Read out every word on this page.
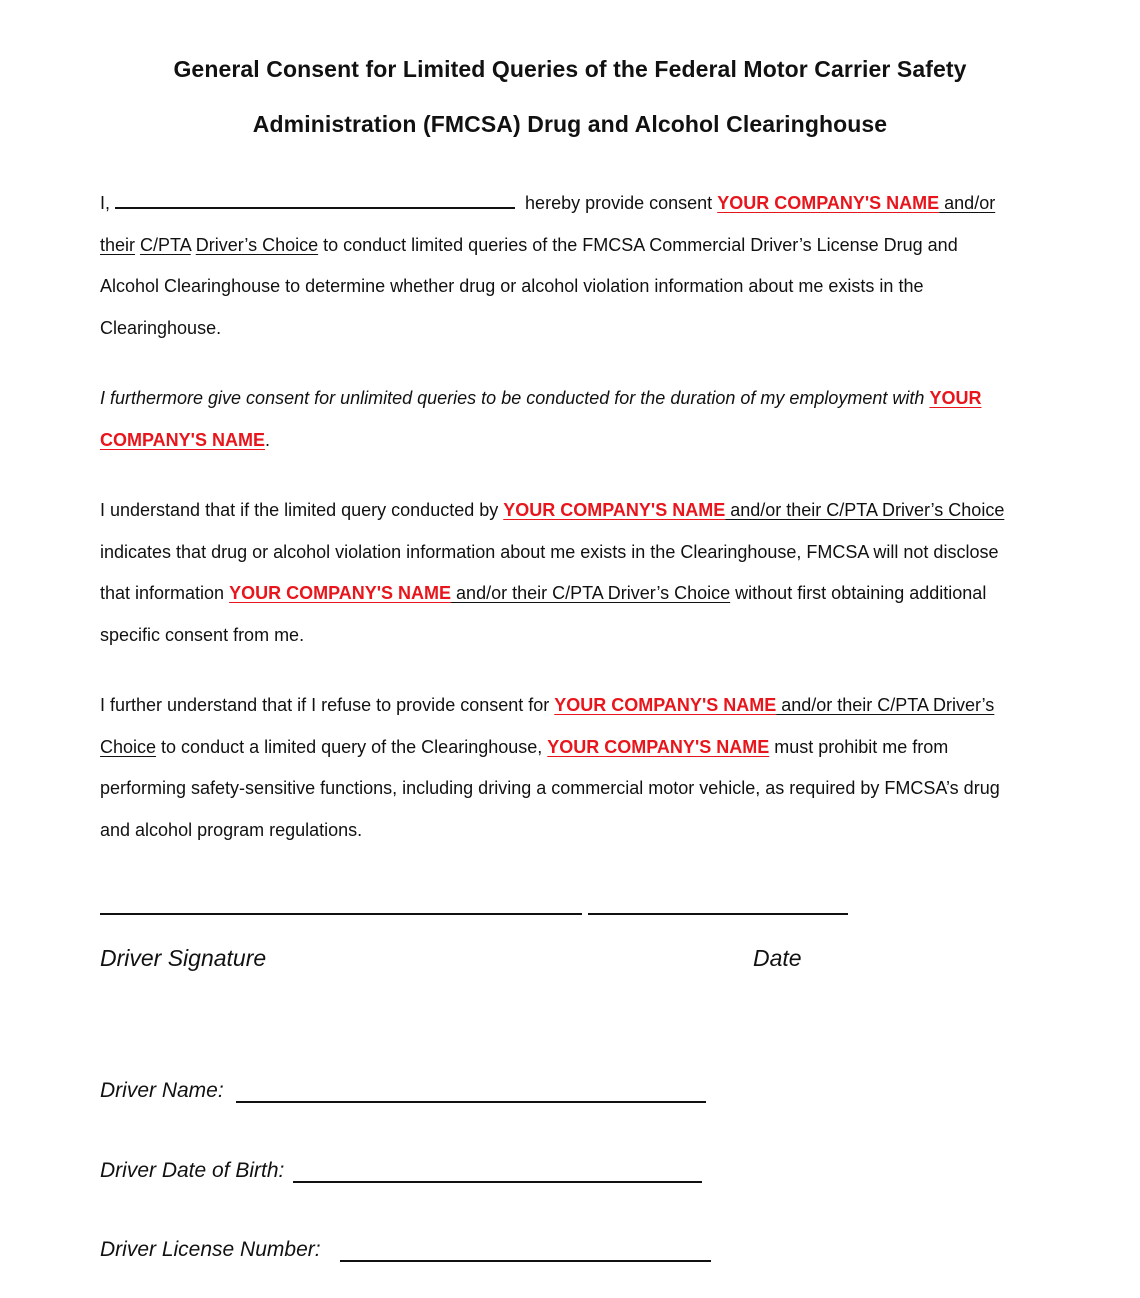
General Consent for Limited Queries of the Federal Motor Carrier Safety
Administration (FMCSA) Drug and Alcohol Clearinghouse
I,	hereby provide consent YOUR COMPANY'S NAME and/or
their C/PTA Driver’s Choice to conduct limited queries of the FMCSA Commercial Driver’s License Drug and
Alcohol Clearinghouse to determine whether drug or alcohol violation information about me exists in the
Clearinghouse.
I furthermore give consent for unlimited queries to be conducted for the duration of my employment with YOUR
COMPANY'S NAME.
I understand that if the limited query conducted by YOUR COMPANY'S NAME and/or their C/PTA Driver’s Choice
indicates that drug or alcohol violation information about me exists in the Clearinghouse, FMCSA will not disclose
that information YOUR COMPANY'S NAME and/or their C/PTA Driver’s Choice without first obtaining additional
specific consent from me.
I further understand that if I refuse to provide consent for YOUR COMPANY'S NAME and/or their C/PTA Driver’s
Choice to conduct a limited query of the Clearinghouse, YOUR COMPANY'S NAME must prohibit me from
performing safety-sensitive functions, including driving a commercial motor vehicle, as required by FMCSA’s drug
and alcohol program regulations.
Driver Signature	Date
Driver Name:
Driver Date of Birth:
Driver License Number:
